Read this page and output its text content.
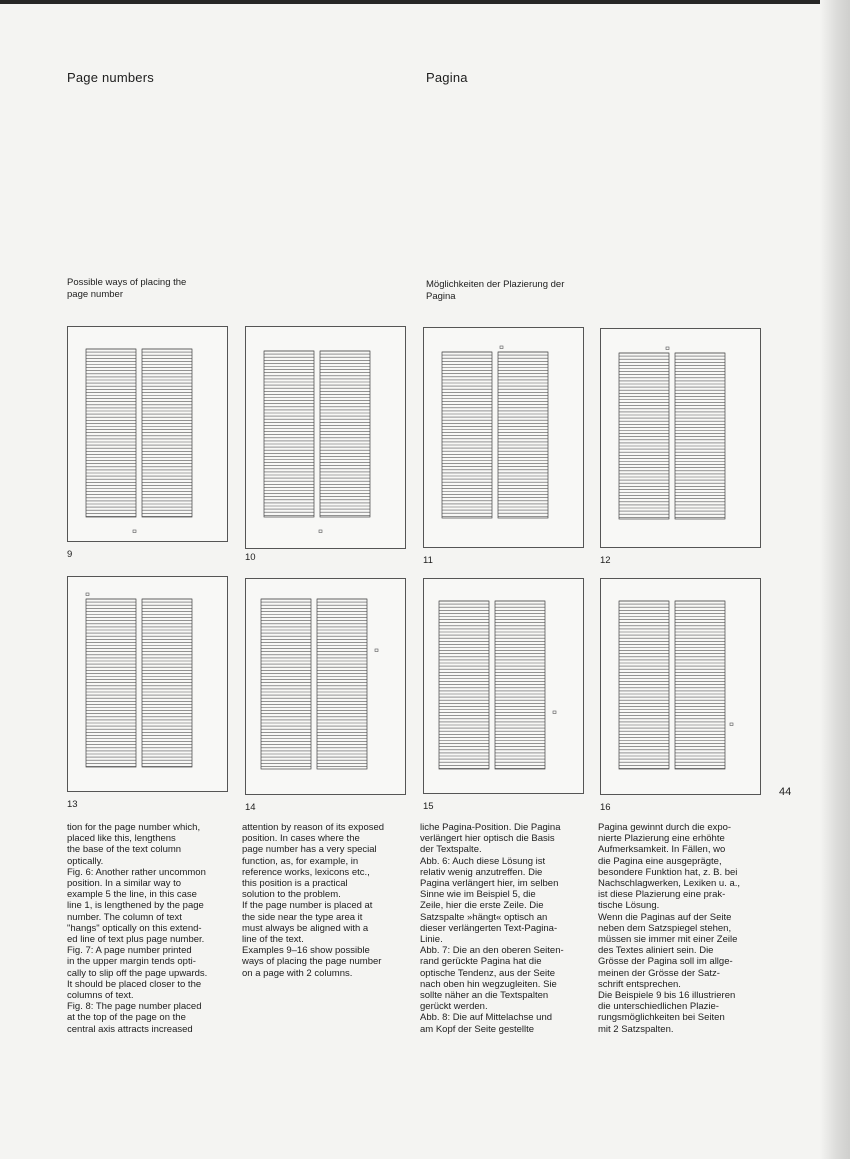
Page numbers	Pagina
Possible ways of placing the
page number
Möglichkeiten der Plazierung der
Pagina
9	10	11	12
13	14	15	16
tion for the page number which,
placed like this, lengthens
the base of the text column
optically.
Fig. 6: Another rather uncommon
position. In a similar way to
example 5 the line, in this case
line 1, is lengthened by the page
number. The column of text
"hangs" optically on this extend-
ed line of text plus page number.
Fig. 7: A page number printed
in the upper margin tends opti-
cally to slip off the page upwards.
It should be placed closer to the
columns of text.
Fig. 8: The page number placed
at the top of the page on the
central axis attracts increased
attention by reason of its exposed
position. In cases where the
page number has a very special
function, as, for example, in
reference works, lexicons etc.,
this position is a practical
solution to the problem.
If the page number is placed at
the side near the type area it
must always be aligned with a
line of the text.
Examples 9–16 show possible
ways of placing the page number
on a page with 2 columns.
liche Pagina-Position. Die Pagina
verlängert hier optisch die Basis
der Textspalte.
Abb. 6: Auch diese Lösung ist
relativ wenig anzutreffen. Die
Pagina verlängert hier, im selben
Sinne wie im Beispiel 5, die
Zeile, hier die erste Zeile. Die
Satzspalte »hängt« optisch an
dieser verlängerten Text-Pagina-
Linie.
Abb. 7: Die an den oberen Seiten-
rand gerückte Pagina hat die
optische Tendenz, aus der Seite
nach oben hin wegzugleiten. Sie
sollte näher an die Textspalten
gerückt werden.
Abb. 8: Die auf Mittelachse und
am Kopf der Seite gestellte
Pagina gewinnt durch die expo-
nierte Plazierung eine erhöhte
Aufmerksamkeit. In Fällen, wo
die Pagina eine ausgeprägte,
besondere Funktion hat, z. B. bei
Nachschlagwerken, Lexiken u. a.,
ist diese Plazierung eine prak-
tische Lösung.
Wenn die Paginas auf der Seite
neben dem Satzspiegel stehen,
müssen sie immer mit einer Zeile
des Textes aliniert sein. Die
Grösse der Pagina soll im allge-
meinen der Grösse der Satz-
schrift entsprechen.
Die Beispiele 9 bis 16 illustrieren
die unterschiedlichen Plazie-
rungsmöglichkeiten bei Seiten
mit 2 Satzspalten.
44
